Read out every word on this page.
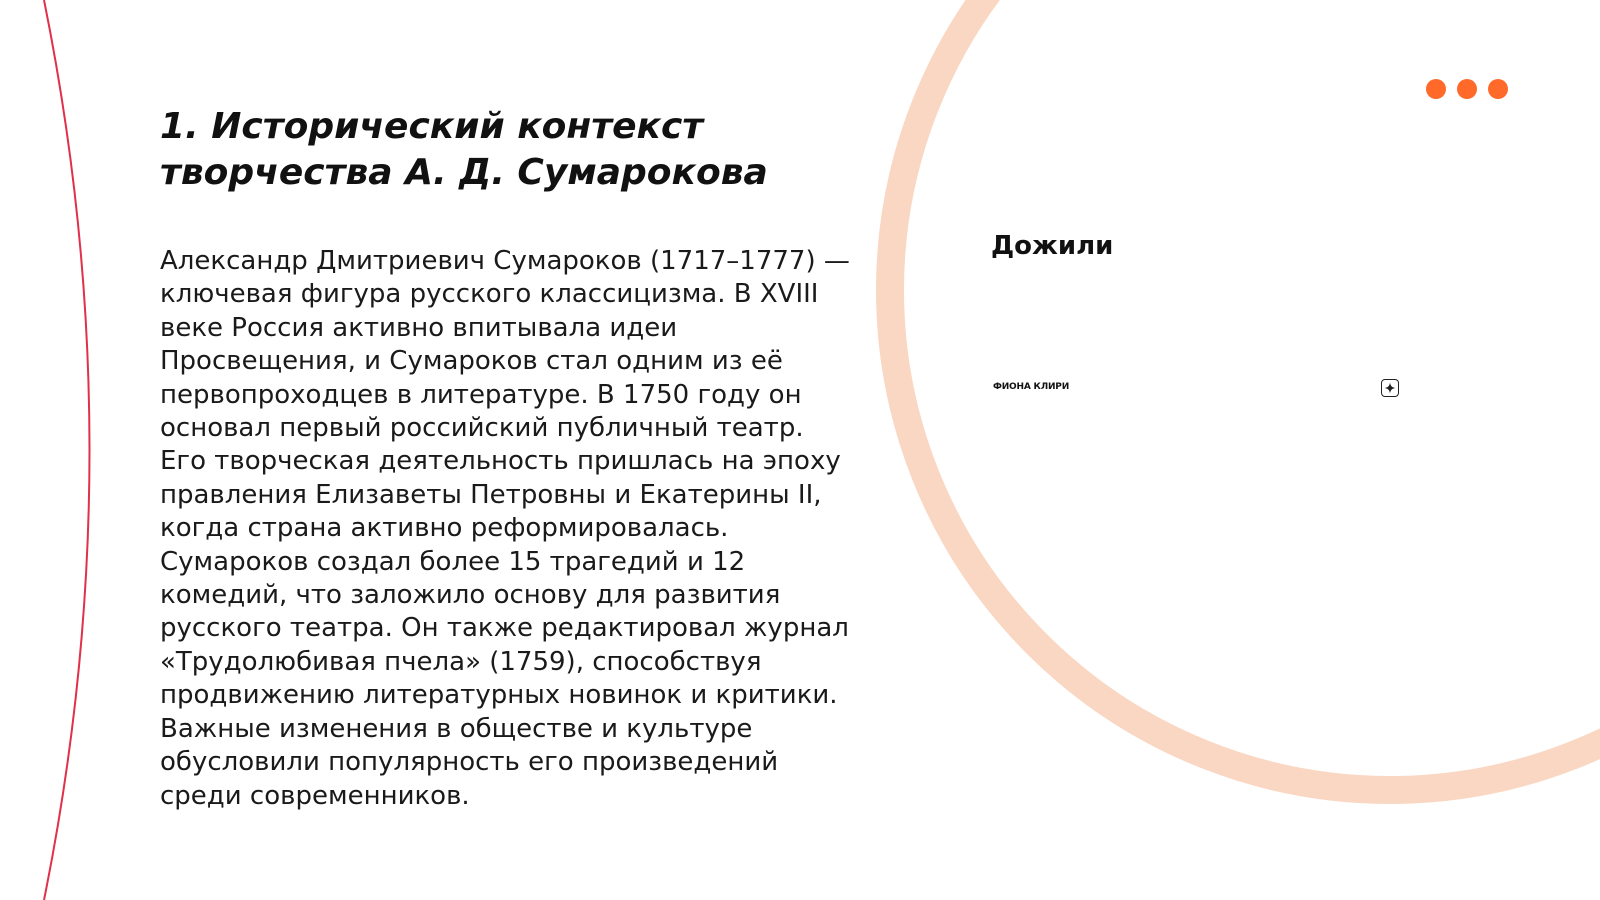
1. Исторический контекст творчества А. Д. Сумарокова

Александр Дмитриевич Сумароков (1717–1777) — ключевая фигура русского классицизма. В XVIII веке Россия активно впитывала идеи Просвещения, и Сумароков стал одним из её первопроходцев в литературе. В 1750 году он основал первый российский публичный театр. Его творческая деятельность пришлась на эпоху правления Елизаветы Петровны и Екатерины II, когда страна активно реформировалась. Сумароков создал более 15 трагедий и 12 комедий, что заложило основу для развития русского театра. Он также редактировал журнал «Трудолюбивая пчела» (1759), способствуя продвижению литературных новинок и критики. Важные изменения в обществе и культуре обусловили популярность его произведений среди современников.

Дожили
ФИОНА КЛИРИ
